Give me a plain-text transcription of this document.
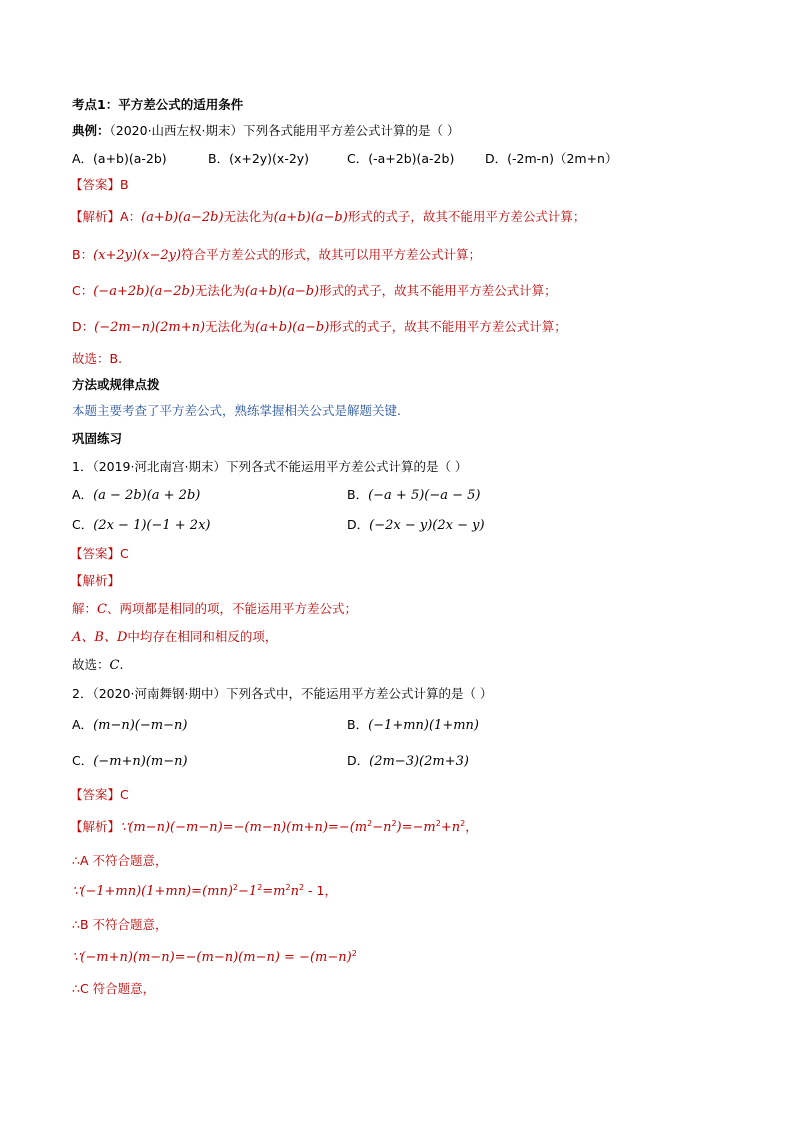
考点1：平方差公式的适用条件
典例：（2020·山西左权·期末）下列各式能用平方差公式计算的是（ ）
A．(a+b)(a-2b)	B．(x+2y)(x-2y)	C．(-a+2b)(a-2b) D．(-2m-n)（2m+n）
【答案】B
【解析】A：(a+b)(a−2b)无法化为(a+b)(a−b)形式的式子，故其不能用平方差公式计算；
B：(x+2y)(x−2y)符合平方差公式的形式，故其可以用平方差公式计算；
C：(−a+2b)(a−2b)无法化为(a+b)(a−b)形式的式子，故其不能用平方差公式计算；
D：(−2m−n)(2m+n)无法化为(a+b)(a−b)形式的式子，故其不能用平方差公式计算；
故选：B.
方法或规律点拨
本题主要考查了平方差公式，熟练掌握相关公式是解题关键.
巩固练习
1．（2019·河北南宫·期末）下列各式不能运用平方差公式计算的是（ ）
A．(a − 2b)(a + 2b)	B．(−a + 5)(−a − 5)
C．(2x − 1)(−1 + 2x)	D．(−2x − y)(2x − y)
【答案】C
【解析】
解：C、两项都是相同的项，不能运用平方差公式；
A、B、D中均存在相同和相反的项，
故选：C.
2．（2020·河南舞钢·期中）下列各式中，不能运用平方差公式计算的是（ ）
A．(m−n)(−m−n)	B．(−1+mn)(1+mn)
C．(−m+n)(m−n)	D．(2m−3)(2m+3)
【答案】C
【解析】$\because(m-n)(-m-n)=-(m-n)(m+n)=-(m^2-n^2)=-m^2+n^2$，
∴A 不符合题意，
$\because(-1+mn)(1+mn)=(mn)^2-1^2=m^2n^2 - 1$，
∴B 不符合题意，
∵(−m+n)(m−n)=−(m−n)(m−n) = $-(m-n)^2$
∴C 符合题意，
